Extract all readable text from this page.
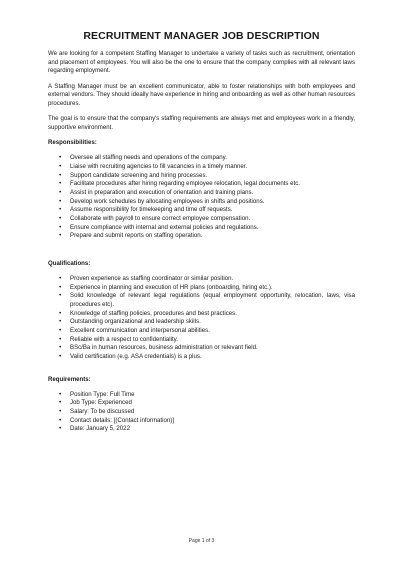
RECRUITMENT MANAGER JOB DESCRIPTION

We are looking for a competent Staffing Manager to undertake a variety of tasks such as recruitment, orientation and placement of employees. You will also be the one to ensure that the company complies with all relevant laws regarding employment.

A Staffing Manager must be an excellent communicator, able to foster relationships with both employees and external vendors. They should ideally have experience in hiring and onboarding as well as other human resources procedures.

The goal is to ensure that the company's staffing requirements are always met and employees work in a friendly, supportive environment.

Responsibilities:
• Oversee all staffing needs and operations of the company.
• Liaise with recruiting agencies to fill vacancies in a timely manner.
• Support candidate screening and hiring processes.
• Facilitate procedures after hiring regarding employee relocation, legal documents etc.
• Assist in preparation and execution of orientation and training plans.
• Develop work schedules by allocating employees in shifts and positions.
• Assume responsibility for timekeeping and time off requests.
• Collaborate with payroll to ensure correct employee compensation.
• Ensure compliance with internal and external policies and regulations.
• Prepare and submit reports on staffing operation.
Qualifications:
• Proven experience as staffing coordinator or similar position.
• Experience in planning and execution of HR plans (onboarding, hiring etc.).
• Solid knowledge of relevant legal regulations (equal employment opportunity, relocation, laws, visa procedures etc).
• Knowledge of staffing policies, procedures and best practices.
• Outstanding organizational and leadership skills.
• Excellent communication and interpersonal abilities.
• Reliable with a respect to confidentiality.
• BSc/Ba in human resources, business administration or relevant field.
• Valid certification (e.g. ASA credentials) is a plus.
Requirements:
• Position Type: Full Time
• Job Type: Experienced
• Salary: To be discussed
• Contact details: [(Contact information)]
• Date: January 5, 2022
Page 1 of 3
